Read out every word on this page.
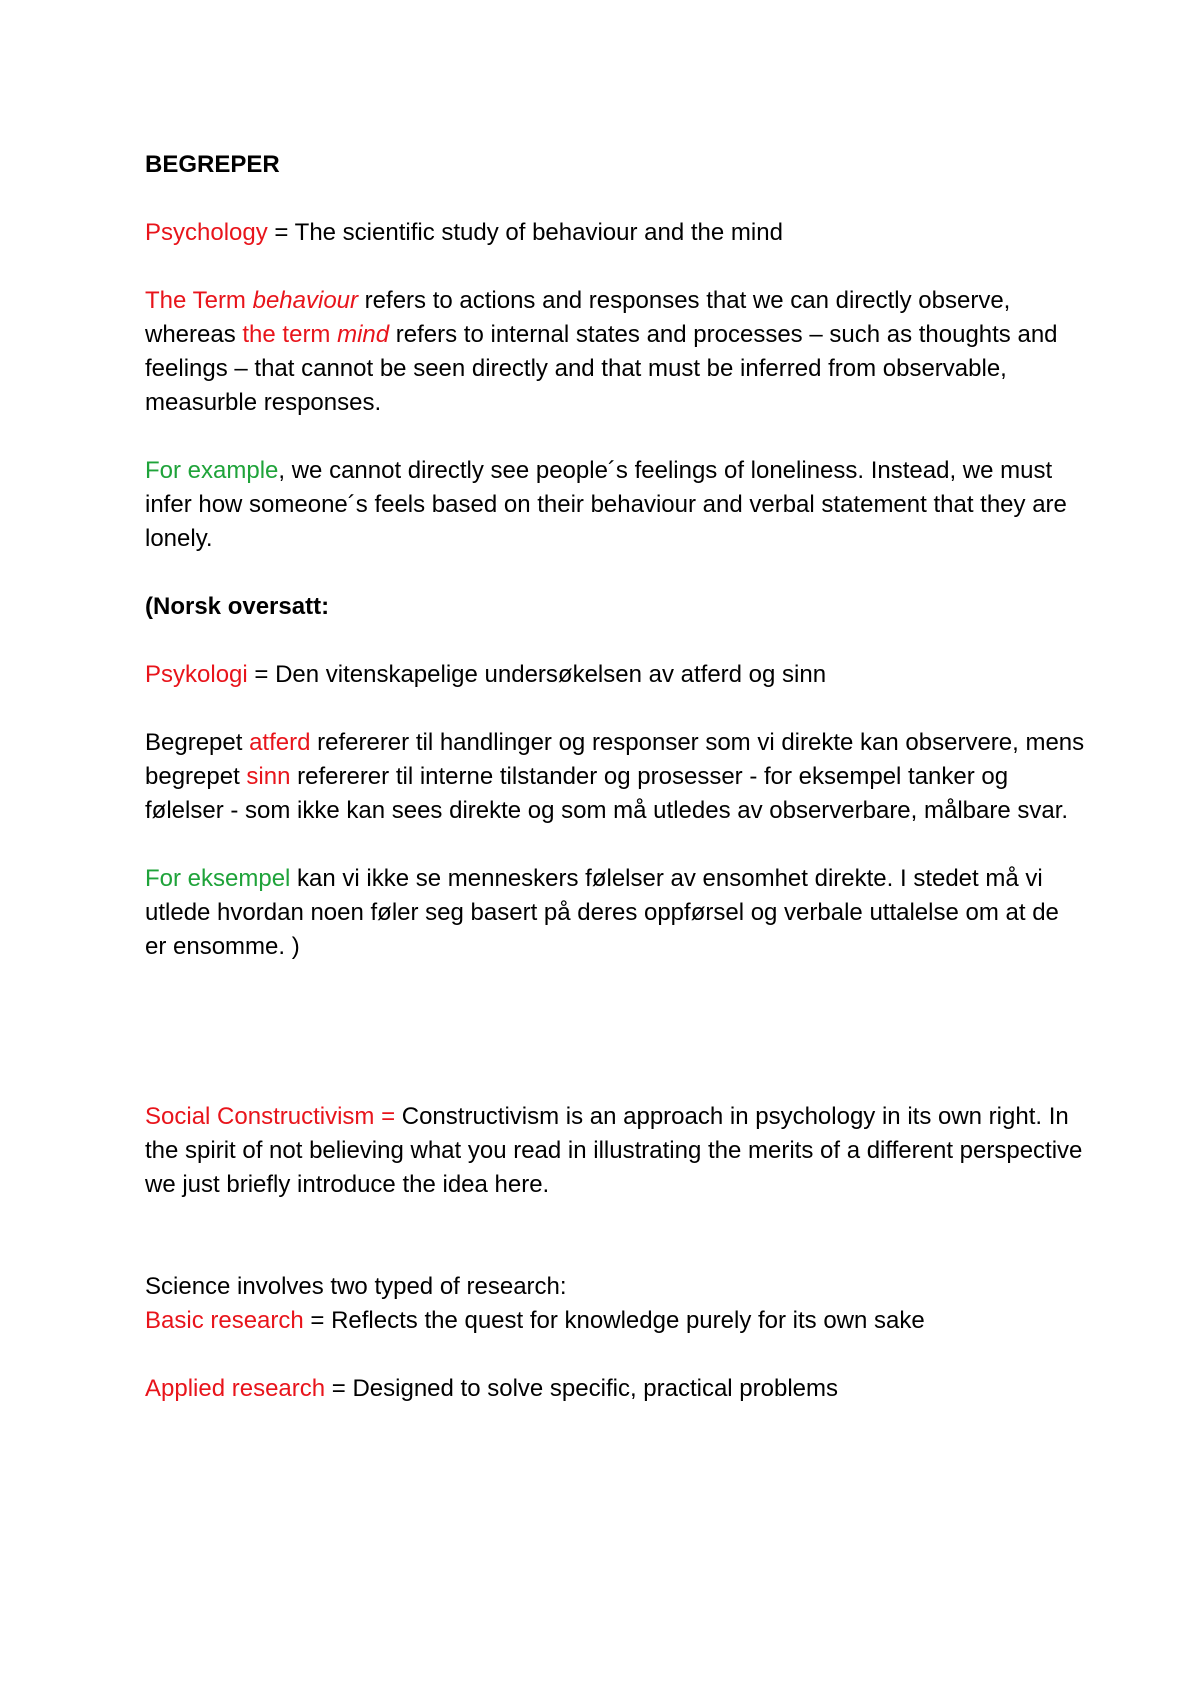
BEGREPER

Psychology = The scientific study of behaviour and the mind

The Term behaviour refers to actions and responses that we can directly observe, whereas the term mind refers to internal states and processes – such as thoughts and feelings – that cannot be seen directly and that must be inferred from observable, measurble responses.

For example, we cannot directly see people´s feelings of loneliness. Instead, we must infer how someone´s feels based on their behaviour and verbal statement that they are lonely.

(Norsk oversatt:

Psykologi = Den vitenskapelige undersøkelsen av atferd og sinn

Begrepet atferd refererer til handlinger og responser som vi direkte kan observere, mens begrepet sinn refererer til interne tilstander og prosesser - for eksempel tanker og følelser - som ikke kan sees direkte og som må utledes av observerbare, målbare svar.

For eksempel kan vi ikke se menneskers følelser av ensomhet direkte. I stedet må vi utlede hvordan noen føler seg basert på deres oppførsel og verbale uttalelse om at de er ensomme. )

Social Constructivism = Constructivism is an approach in psychology in its own right. In the spirit of not believing what you read in illustrating the merits of a different perspective we just briefly introduce the idea here.

Science involves two typed of research:

Basic research = Reflects the quest for knowledge purely for its own sake

Applied research = Designed to solve specific, practical problems
